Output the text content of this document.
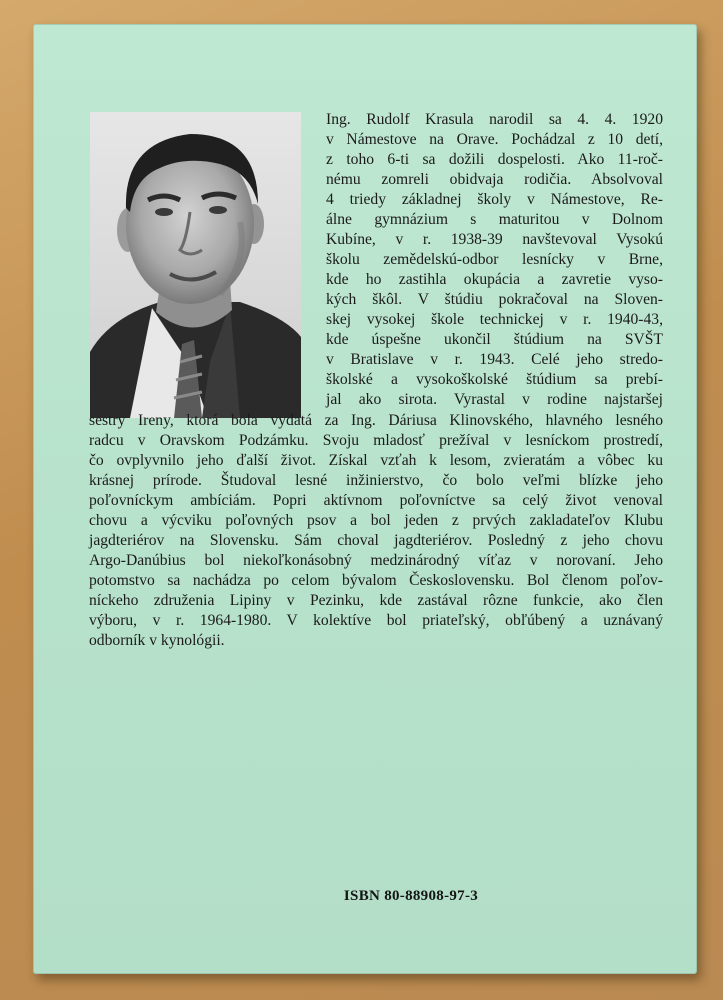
Ing. Rudolf Krasula narodil sa 4. 4. 1920

v Námestove na Orave. Pochádzal z 10 detí,

z toho 6-ti sa dožili dospelosti. Ako 11-roč-

nému zomreli obidvaja rodičia. Absolvoval

4 triedy základnej školy v Námestove, Re-

álne gymnázium s maturitou v Dolnom

Kubíne, v r. 1938-39 navštevoval Vysokú

školu zemědelskú-odbor lesnícky v Brne,

kde ho zastihla okupácia a zavretie vyso-

kých škôl. V štúdiu pokračoval na Sloven-

skej vysokej škole technickej v r. 1940-43,

kde úspešne ukončil štúdium na SVŠT

v Bratislave v r. 1943. Celé jeho stredo-

školské a vysokoškolské štúdium sa prebí-

jal ako sirota. Vyrastal v rodine najstaršej

sestry Ireny, ktorá bola vydatá za Ing. Dáriusa Klinovského, hlavného lesného

radcu v Oravskom Podzámku. Svoju mladosť prežíval v lesníckom prostredí,

čo ovplyvnilo jeho ďalší život. Získal vzťah k lesom, zvieratám a vôbec ku

krásnej prírode. Študoval lesné inžinierstvo, čo bolo veľmi blízke jeho

poľovníckym ambíciám. Popri aktívnom poľovníctve sa celý život venoval

chovu a výcviku poľovných psov a bol jeden z prvých zakladateľov Klubu

jagdteriérov na Slovensku. Sám choval jagdteriérov. Posledný z jeho chovu

Argo-Danúbius bol niekoľkonásobný medzinárodný víťaz v norovaní. Jeho

potomstvo sa nachádza po celom bývalom Československu. Bol členom poľov-

níckeho združenia Lipiny v Pezinku, kde zastával rôzne funkcie, ako člen

výboru, v r. 1964-1980. V kolektíve bol priateľský, obľúbený a uznávaný

odborník v kynológii.

ISBN 80-88908-97-3
